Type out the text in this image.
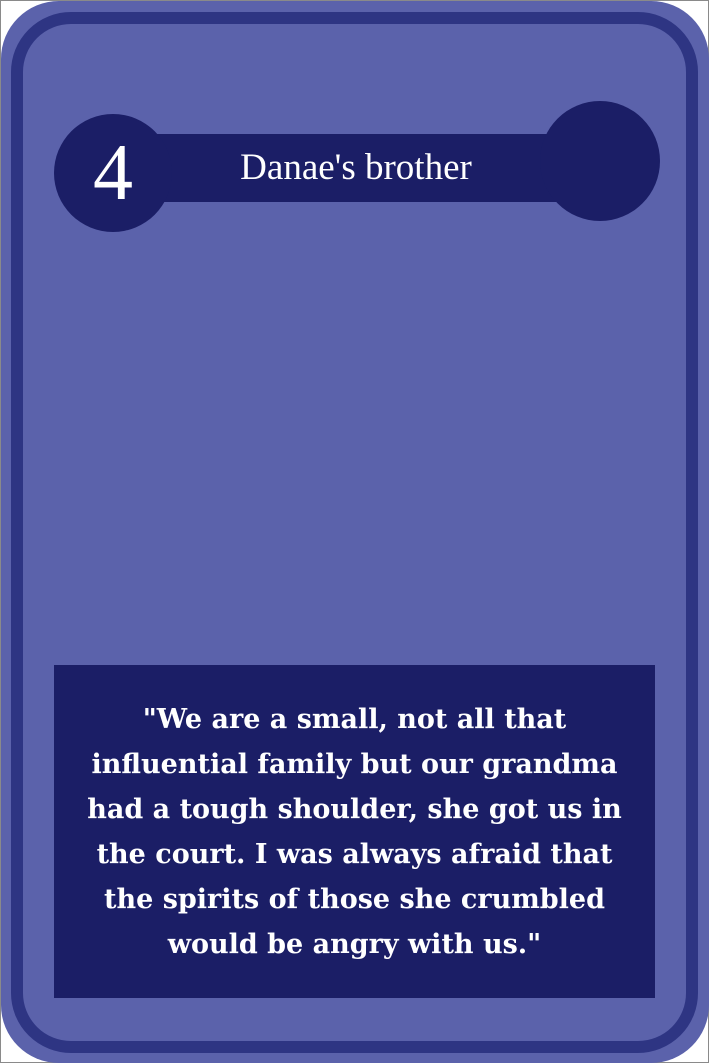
4	Danae's brother
"We are a small, not all that influential family but our grandma had a tough shoulder, she got us in the court. I was always afraid that the spirits of those she crumbled would be angry with us."
